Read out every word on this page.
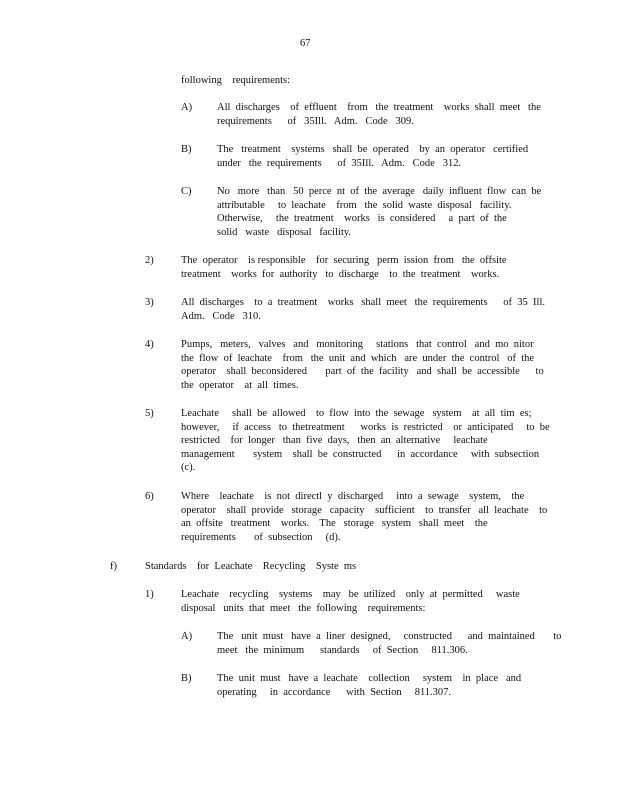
67
following    requirements:
A) All  discharges    of  effluent    from   the  treatment    works  shall  meet   the
requirements      of   35Ill.   Adm.   Code   309.
B) The   treatment    systems   shall  be  operated    by  an  operator   certified
under   the  requirements      of  35Ill.   Adm.   Code   312.
C) No   more   than   50  perce  nt  of  the  average   daily  influent  flow  can  be
attributable     to  leachate    from   the  solid  waste  disposal   facility.
Otherwise,     the  treatment    works   is  considered     a  part  of  the
solid   waste   disposal   facility.
2)	The  operator    is responsible    for  securing   perm  ission  from   the  offsite
treatment    works  for  authority   to  discharge    to  the  treatment    works.
3)	All  discharges    to  a  treatment    works   shall  meet   the  requirements      of  35  Ill.
Adm.   Code   310.
4)	Pumps,   meters,   valves   and   monitoring     stations   that  control   and  mo  nitor
the  flow  of  leachate    from   the  unit  and  which   are  under  the  control   of  the
operator    shall  beconsidered       part  of  the  facility   and  shall  be  accessible      to
the  operator    at  all  times.
5)	Leachate     shall  be  allowed    to  flow  into  the  sewage   system    at  all  tim  es;
however,     if  access   to  thetreatment      works  is  restricted    or  anticipated     to  be
restricted    for  longer   than  five  days,   then  an  alternative     leachate
management       system    shall  be  constructed      in  accordance     with  subsection
(c).
6)	Where    leachate    is  not  directl  y  discharged     into  a  sewage    system,    the
operator    shall  provide   storage   capacity    sufficient    to  transfer   all  leachate    to
an  offsite   treatment    works.    The   storage   system   shall  meet    the
requirements       of  subsection     (d).
f)	Standards    for  Leachate    Recycling    Syste  ms
1)	Leachate    recycling    systems    may   be  utilized    only  at  permitted     waste
disposal   units  that  meet   the  following    requirements:
A) The   unit  must   have  a  liner  designed,     constructed      and  maintained       to
meet   the  minimum      standards     of  Section     811.306.
B) The  unit  must   have  a  leachate    collection     system    in  place   and
operating     in  accordance      with  Section     811.307.
